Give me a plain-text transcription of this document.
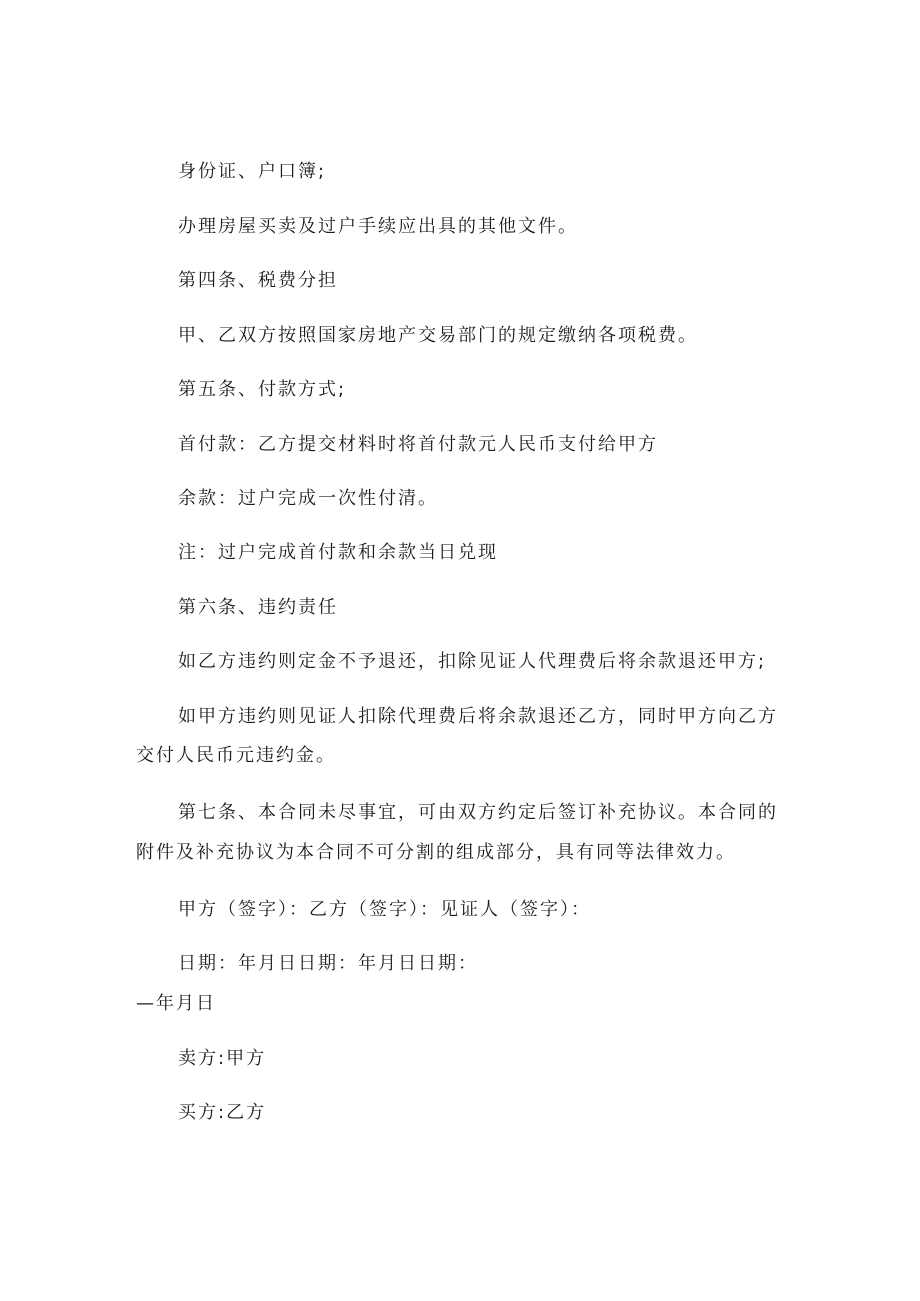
身份证、户口簿;
办理房屋买卖及过户手续应出具的其他文件。
第四条、税费分担
甲、乙双方按照国家房地产交易部门的规定缴纳各项税费。
第五条、付款方式;
首付款：乙方提交材料时将首付款元人民币支付给甲方
余款：过户完成一次性付清。
注：过户完成首付款和余款当日兑现
第六条、违约责任
如乙方违约则定金不予退还，扣除见证人代理费后将余款退还甲方;
如甲方违约则见证人扣除代理费后将余款退还乙方，同时甲方向乙方
交付人民币元违约金。
第七条、本合同未尽事宜，可由双方约定后签订补充协议。本合同的
附件及补充协议为本合同不可分割的组成部分，具有同等法律效力。
甲方（签字）：乙方（签字）：见证人（签字）：
日期：年月日日期：年月日日期：
—年月日
卖方:甲方
买方:乙方
